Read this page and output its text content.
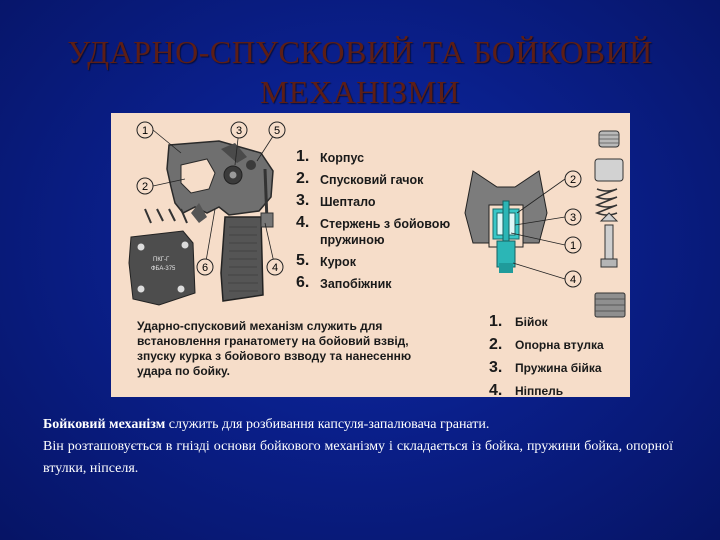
УДАРНО-СПУСКОВИЙ ТА БОЙКОВИЙ
МЕХАНІЗМИ
ПКГ-Г
ФБА-375
1	3	5
2
6	4
2
3
1
4
1. Корпус
2. Спусковий гачок
3. Шептало
4. Стержень з бойовою пружиною
5. Курок
6. Запобіжник
Ударно-спусковий механізм служить для встановлення гранатомету на бойовий взвід, зпуску курка з бойового взводу та нанесенню удара по бойку.
1.	Бійок
2.	Опорна втулка
3.	Пружина бійка
4.	Ніппель
Бойковий механізм служить для розбивання капсуля-запалювача гранати.
Він розташовується в гнізді основи бойкового механізму і складається із бойка, пружини бойка, опорної втулки, ніпселя.
